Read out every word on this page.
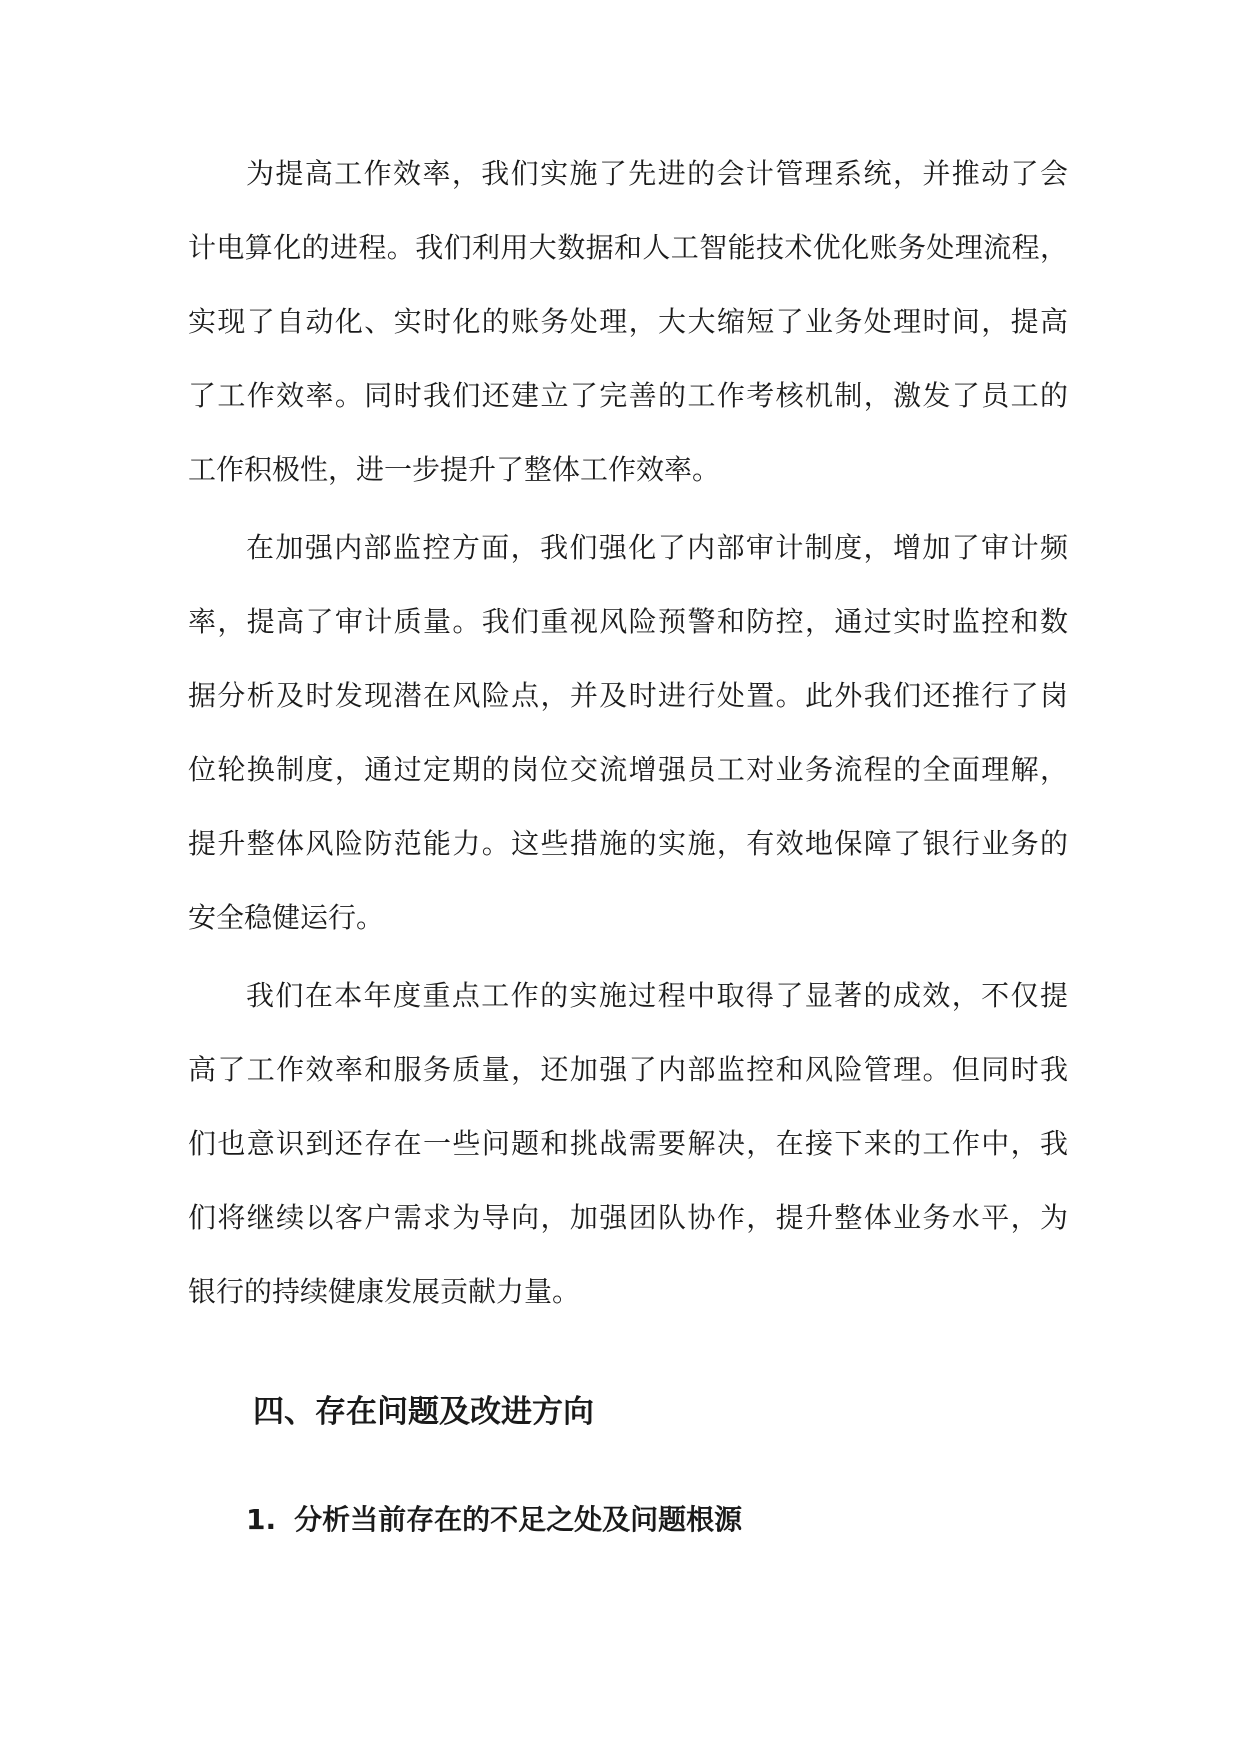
为提高工作效率，我们实施了先进的会计管理系统，并推动了会
计电算化的进程。我们利用大数据和人工智能技术优化账务处理流程，
实现了自动化、实时化的账务处理，大大缩短了业务处理时间，提高
了工作效率。同时我们还建立了完善的工作考核机制，激发了员工的
工作积极性，进一步提升了整体工作效率。
在加强内部监控方面，我们强化了内部审计制度，增加了审计频
率，提高了审计质量。我们重视风险预警和防控，通过实时监控和数
据分析及时发现潜在风险点，并及时进行处置。此外我们还推行了岗
位轮换制度，通过定期的岗位交流增强员工对业务流程的全面理解，
提升整体风险防范能力。这些措施的实施，有效地保障了银行业务的
安全稳健运行。
我们在本年度重点工作的实施过程中取得了显著的成效，不仅提
高了工作效率和服务质量，还加强了内部监控和风险管理。但同时我
们也意识到还存在一些问题和挑战需要解决，在接下来的工作中，我
们将继续以客户需求为导向，加强团队协作，提升整体业务水平，为
银行的持续健康发展贡献力量。
四、存在问题及改进方向
1. 分析当前存在的不足之处及问题根源
